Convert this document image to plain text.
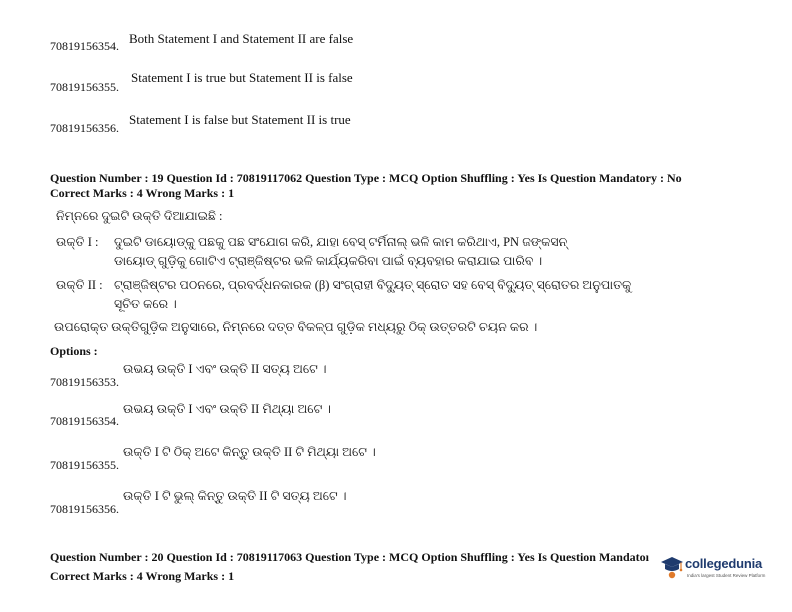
70819156354. Both Statement I and Statement II are false
70819156355.
Statement I is true but Statement II is false
70819156356.
Statement I is false but Statement II is true
Question Number : 19 Question Id : 70819117062 Question Type : MCQ Option Shuffling : Yes Is Question Mandatory : No
Correct Marks : 4 Wrong Marks : 1
ନିମ୍ନରେ ଦୁଇଟି ଉକ୍ତି ଦିଆଯାଇଛି :
ଉକ୍ତି I : ଦୁଇଟି ଡାୟୋଡ୍‌କୁ ପଛକୁ ପଛ ସଂଯୋଗ କରି, ଯାହା ବେସ୍ ଟର୍ମିନାଲ୍ ଭଳି କାମ କରିଥାଏ, PN ଜଙ୍କସନ୍
ଡାୟୋଡ୍ ଗୁଡ଼ିକୁ ଗୋଟିଏ ଟ୍ରାଞ୍ଜିଷ୍ଟର ଭଳି କାର୍ଯ୍ୟକରିବା ପାଇଁ ବ୍ୟବହାର କରାଯାଇ ପାରିବ ।
ଉକ୍ତି II : ଟ୍ରାଞ୍ଜିଷ୍ଟର ପଠନରେ, ପ୍ରବର୍ଦ୍ଧନକାରକ (β) ସଂଗ୍ରାହୀ ବିଦ୍ୟୁତ୍ ସ୍ରୋତ ସହ ବେସ୍ ବିଦ୍ୟୁତ୍ ସ୍ରୋତର ଅନୁପାତକୁ
ସୂଚିତ କରେ ।
ଉପରୋକ୍ତ ଉକ୍ତିଗୁଡ଼ିକ ଅନୁସାରେ, ନିମ୍ନରେ ଦତ୍ତ ବିକଳ୍ପ ଗୁଡ଼ିକ ମଧ୍ୟରୁ ଠିକ୍ ଉତ୍ତରଟି ଚୟନ କର ।
Options :
70819156353.
ଉଭୟ ଉକ୍ତି I ଏବଂ ଉକ୍ତି II ସତ୍ୟ ଅଟେ ।
70819156354.
ଉଭୟ ଉକ୍ତି I ଏବଂ ଉକ୍ତି II ମିଥ୍ୟା ଅଟେ ।
70819156355.
ଉକ୍ତି I ଟି ଠିକ୍ ଅଟେ କିନ୍ତୁ ଉକ୍ତି II ଟି ମିଥ୍ୟା ଅଟେ ।
70819156356.
ଉକ୍ତି I ଟି ଭୁଲ୍ କିନ୍ତୁ ଉକ୍ତି II ଟି ସତ୍ୟ ଅଟେ ।
Question Number : 20 Question Id : 70819117063 Question Type : MCQ Option Shuffling : Yes Is Question Mandatoı
Correct Marks : 4 Wrong Marks : 1
collegedunia
India's largest Student Review Platform
